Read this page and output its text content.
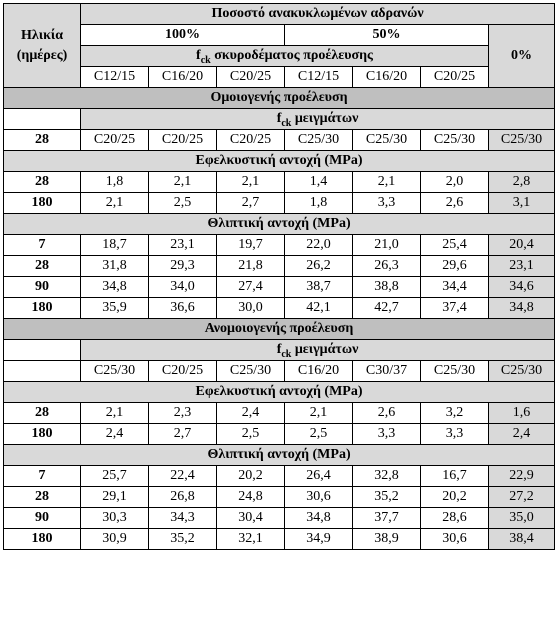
Ηλικία
(ημέρες)	Ποσοστό ανακυκλωμένων αδρανών						
	100%			50%			0%
	$f_{ck}$ σκυροδέματος προέλευσης						
	C12/15	C16/20	C20/25	C12/15	C16/20	C20/25	
Ομοιογενής προέλευση							
	$f_{ck}$ μειγμάτων						
28	C20/25	C20/25	C20/25	C25/30	C25/30	C25/30	C25/30
Εφελκυστική αντοχή (MPa)							
28	1,8	2,1	2,1	1,4	2,1	2,0	2,8
180	2,1	2,5	2,7	1,8	3,3	2,6	3,1
Θλιπτική αντοχή (MPa)							
7	18,7	23,1	19,7	22,0	21,0	25,4	20,4
28	31,8	29,3	21,8	26,2	26,3	29,6	23,1
90	34,8	34,0	27,4	38,7	38,8	34,4	34,6
180	35,9	36,6	30,0	42,1	42,7	37,4	34,8
Ανομοιογενής προέλευση							
	$f_{ck}$ μειγμάτων						
	C25/30	C20/25	C25/30	C16/20	C30/37	C25/30	C25/30
Εφελκυστική αντοχή (MPa)							
28	2,1	2,3	2,4	2,1	2,6	3,2	1,6
180	2,4	2,7	2,5	2,5	3,3	3,3	2,4
Θλιπτική αντοχή (MPa)							
7	25,7	22,4	20,2	26,4	32,8	16,7	22,9
28	29,1	26,8	24,8	30,6	35,2	20,2	27,2
90	30,3	34,3	30,4	34,8	37,7	28,6	35,0
180	30,9	35,2	32,1	34,9	38,9	30,6	38,4
